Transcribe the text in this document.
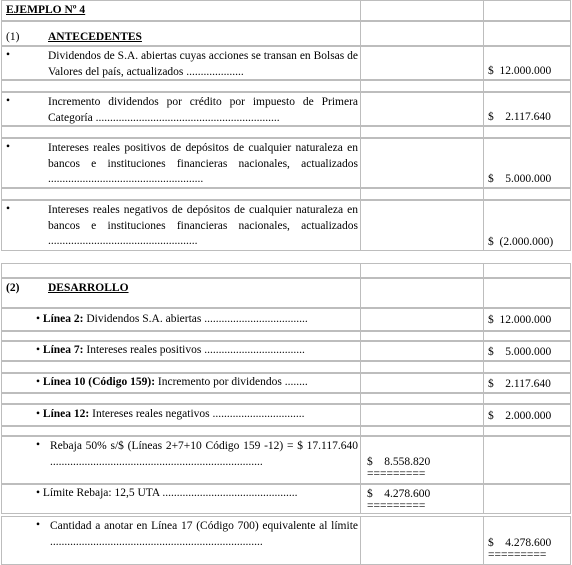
EJEMPLO Nº 4
(1) ANTECEDENTES
•	Dividendos de S.A. abiertas cuyas acciones se transan en Bolsas de Valores del país, actualizados ....................	$  12.000.000
•	Incremento dividendos por crédito por impuesto de Primera Categoría ................................................................	$    2.117.640
•	Intereses reales positivos de depósitos de cualquier naturaleza en bancos e instituciones financieras nacionales, actualizados ......................................................	$    5.000.000
•	Intereses reales negativos de depósitos de cualquier naturaleza en bancos e instituciones financieras nacionales, actualizados ....................................................	$  (2.000.000)
(2) DESARROLLO
• Línea 2: Dividendos S.A. abiertas ....................................	$  12.000.000
• Línea 7: Intereses reales positivos ...................................	$    5.000.000
• Línea 10 (Código 159): Incremento por dividendos ........	$    2.117.640
• Línea 12: Intereses reales negativos ................................	$    2.000.000
• Rebaja 50% s/$ (Líneas 2+7+10 Código 159 -12) = $ 17.117.640 ..........................................................................	$    8.558.820
=========
• Límite Rebaja: 12,5 UTA ...............................................	$    4.278.600
=========
• Cantidad a anotar en Línea 17 (Código 700) equivalente al límite ..........................................................................	$    4.278.600
=========
